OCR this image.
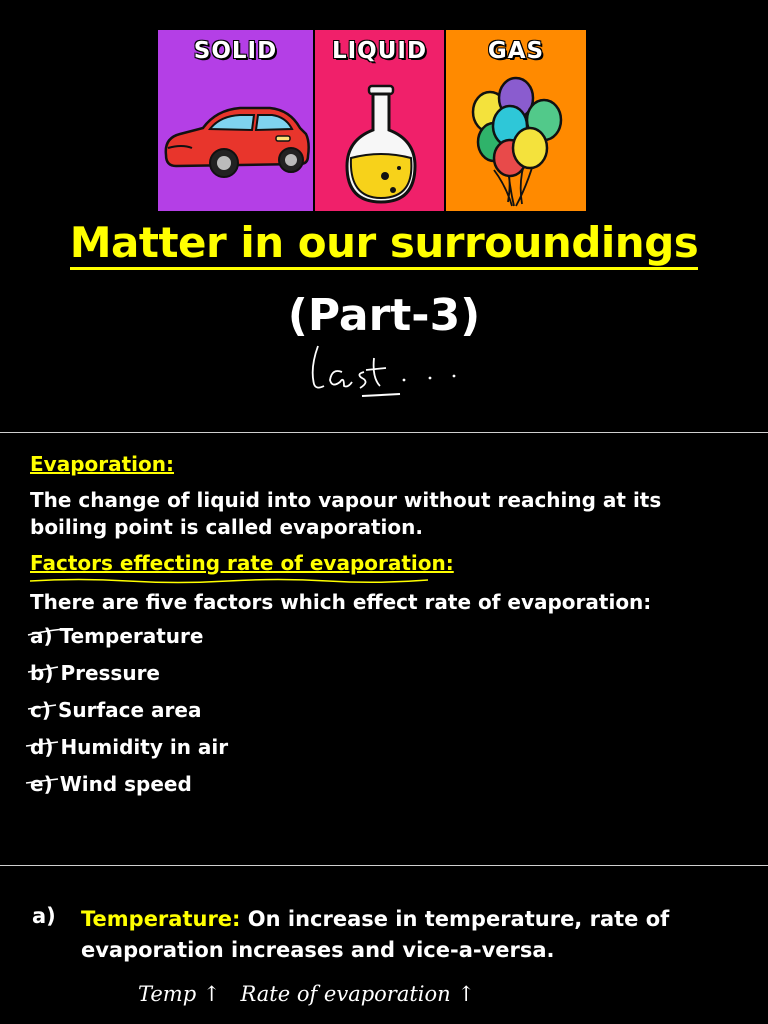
SOLID	LIQUID	GAS
Matter in our surroundings
(Part-3)
Evaporation:
The change of liquid into vapour without reaching at its boiling point is called evaporation.
Factors effecting rate of evaporation:
There are five factors which effect rate of evaporation:
a) Temperature
b) Pressure
c) Surface area
d) Humidity in air
e) Wind speed
a) Temperature: On increase in temperature, rate of evaporation increases and vice-a-versa.
Temp ↑   Rate of evaporation ↑
